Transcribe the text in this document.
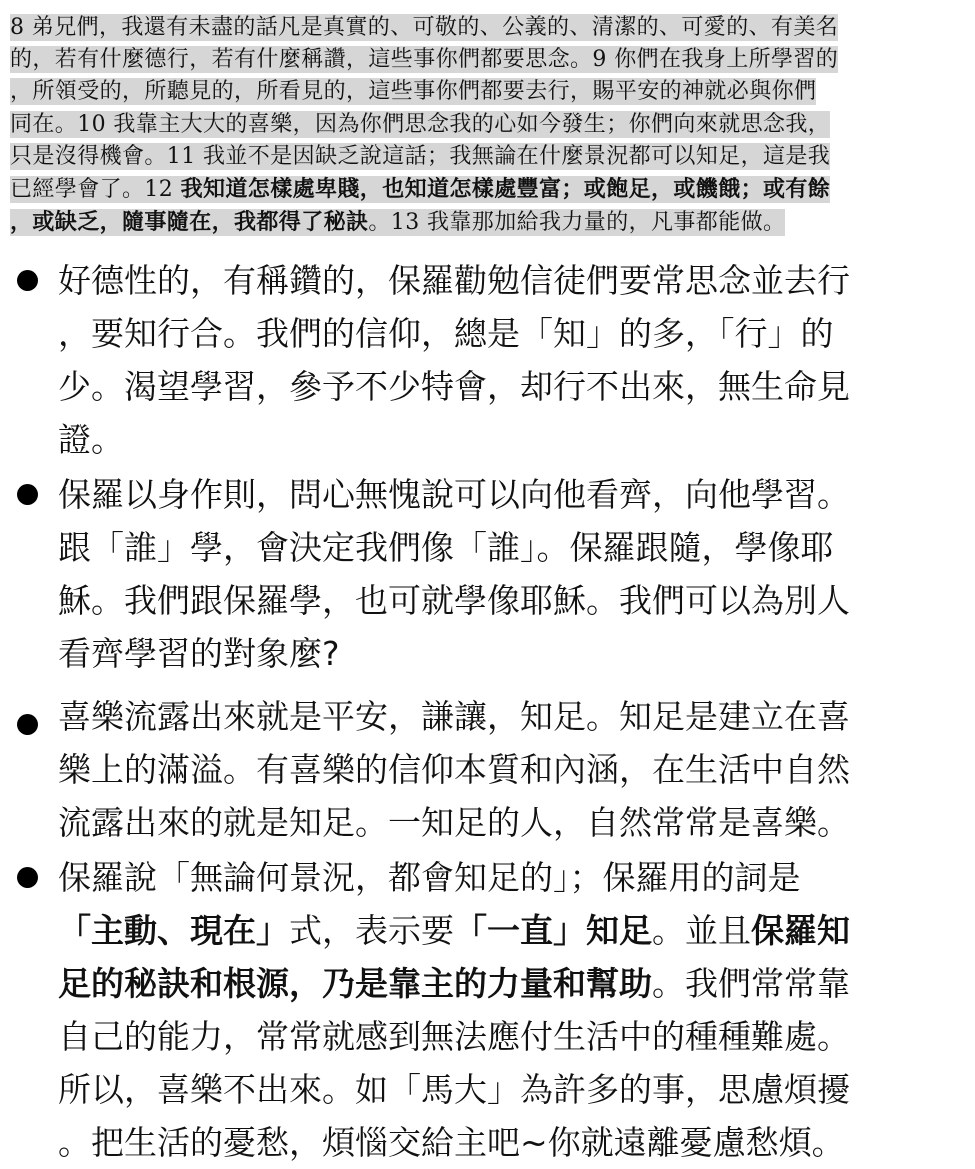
8 弟兄們，我還有未盡的話凡是真實的、可敬的、公義的、清潔的、可愛的、有美名
的，若有什麼德行，若有什麼稱讚，這些事你們都要思念。9 你們在我身上所學習的
，所領受的，所聽見的，所看見的，這些事你們都要去行，賜平安的神就必與你們
同在。10 我靠主大大的喜樂，因為你們思念我的心如今發生；你們向來就思念我，
只是沒得機會。11 我並不是因缺乏說這話；我無論在什麼景況都可以知足，這是我
已經學會了。12 我知道怎樣處卑賤，也知道怎樣處豐富；或飽足，或饑餓；或有餘
，或缺乏，隨事隨在，我都得了秘訣。13 我靠那加給我力量的，凡事都能做。
好德性的，有稱鑽的，保羅勸勉信徒們要常思念並去行
，要知行合。我們的信仰，總是「知」的多，「行」的
少。渴望學習，參予不少特會，却行不出來，無生命見
證。
保羅以身作則，問心無愧說可以向他看齊，向他學習。
跟「誰」學，會決定我們像「誰」。保羅跟隨，學像耶
穌。我們跟保羅學，也可就學像耶穌。我們可以為別人
看齊學習的對象麼?
喜樂流露出來就是平安，謙讓，知足。知足是建立在喜
樂上的滿溢。有喜樂的信仰本質和內涵，在生活中自然
流露出來的就是知足。一知足的人，自然常常是喜樂。
保羅說「無論何景況，都會知足的」；保羅用的詞是
「主動、現在」式，表示要「一直」知足。並且保羅知
足的秘訣和根源，乃是靠主的力量和幫助。我們常常靠
自己的能力，常常就感到無法應付生活中的種種難處。
所以，喜樂不出來。如「馬大」為許多的事，思慮煩擾
。把生活的憂愁，煩惱交給主吧~你就遠離憂慮愁煩。
